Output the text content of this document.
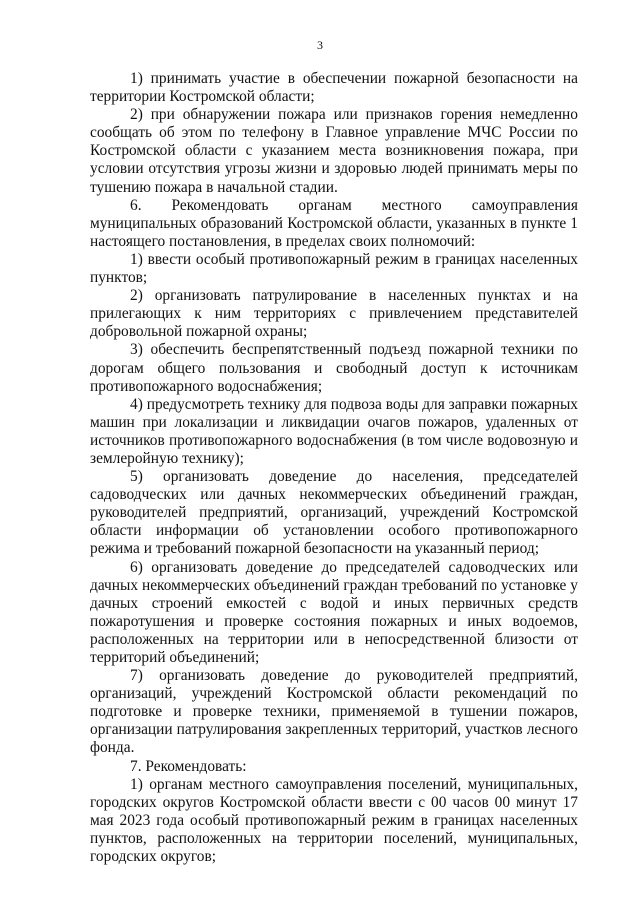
3

1) принимать участие в обеспечении пожарной безопасности на территории Костромской области;

2) при обнаружении пожара или признаков горения немедленно сообщать об этом по телефону в Главное управление МЧС России по Костромской области с указанием места возникновения пожара, при условии отсутствия угрозы жизни и здоровью людей принимать меры по тушению пожара в начальной стадии.

6. Рекомендовать органам местного самоуправления муниципальных образований Костромской области, указанных в пункте 1 настоящего постановления, в пределах своих полномочий:

1) ввести особый противопожарный режим в границах населенных пунктов;

2) организовать патрулирование в населенных пунктах и на прилегающих к ним территориях с привлечением представителей добровольной пожарной охраны;

3) обеспечить беспрепятственный подъезд пожарной техники по дорогам общего пользования и свободный доступ к источникам противопожарного водоснабжения;

4) предусмотреть технику для подвоза воды для заправки пожарных машин при локализации и ликвидации очагов пожаров, удаленных от источников противопожарного водоснабжения (в том числе водовозную и землеройную технику);

5) организовать доведение до населения, председателей садоводческих или дачных некоммерческих объединений граждан, руководителей предприятий, организаций, учреждений Костромской области информации об установлении особого противопожарного режима и требований пожарной безопасности на указанный период;

6) организовать доведение до председателей садоводческих или дачных некоммерческих объединений граждан требований по установке у дачных строений емкостей с водой и иных первичных средств пожаротушения и проверке состояния пожарных и иных водоемов, расположенных на территории или в непосредственной близости от территорий объединений;

7) организовать доведение до руководителей предприятий, организаций, учреждений Костромской области рекомендаций по подготовке и проверке техники, применяемой в тушении пожаров, организации патрулирования закрепленных территорий, участков лесного фонда.

7. Рекомендовать:

1) органам местного самоуправления поселений, муниципальных, городских округов Костромской области ввести с 00 часов 00 минут 17 мая 2023 года особый противопожарный режим в границах населенных пунктов, расположенных на территории поселений, муниципальных, городских округов;
